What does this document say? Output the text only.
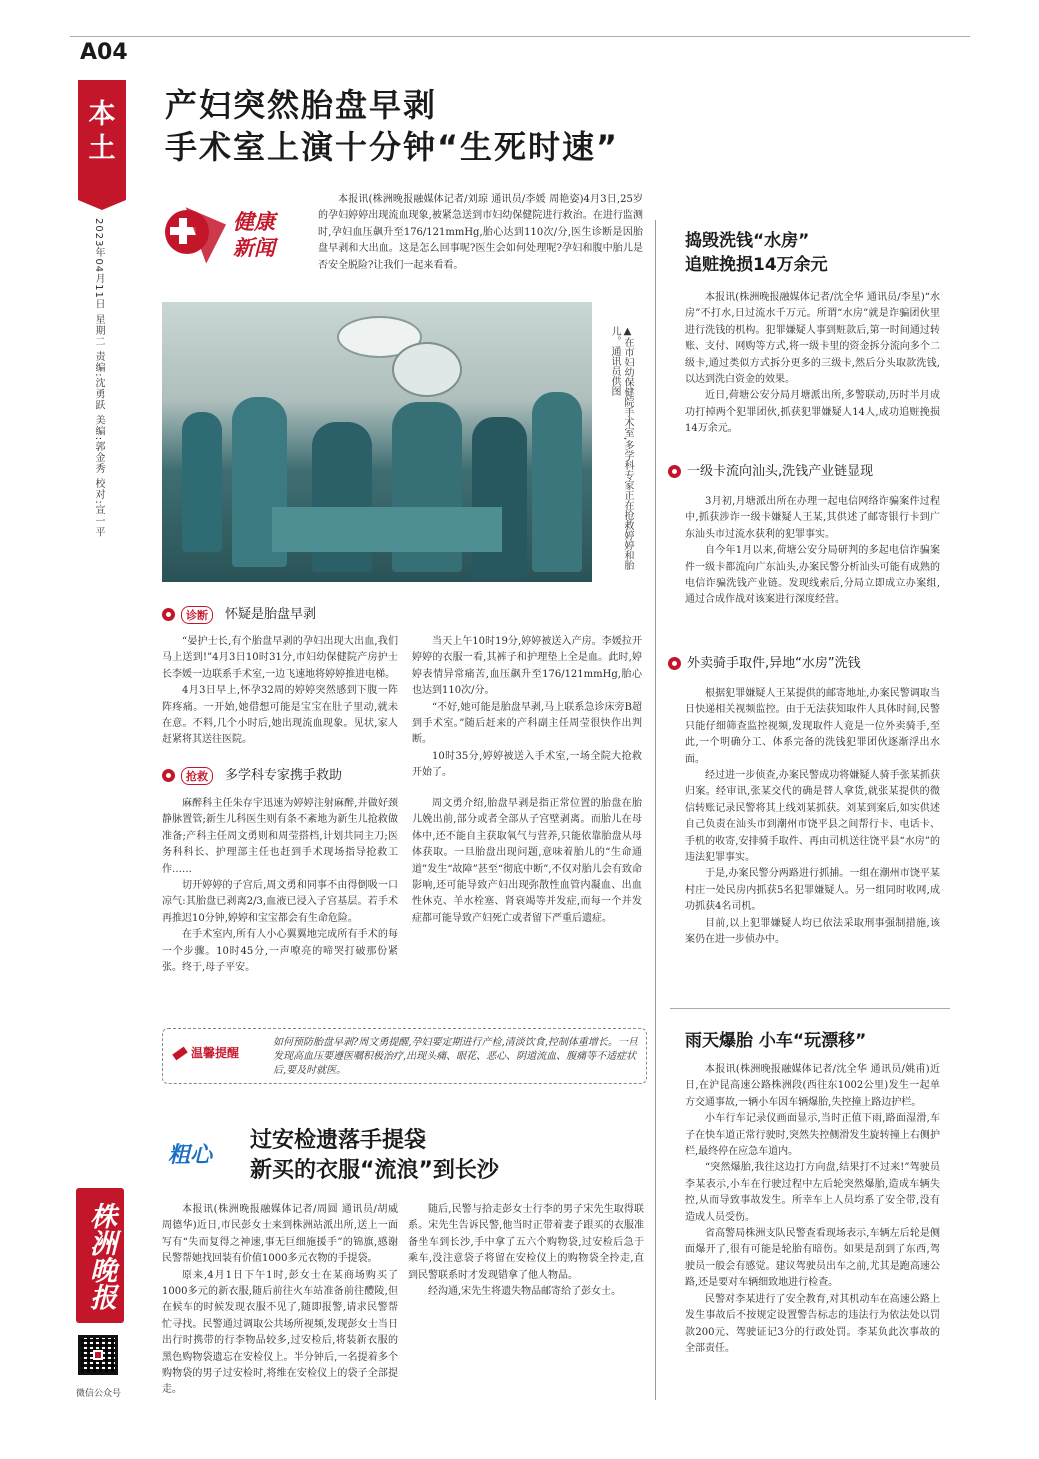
A04
本土
2023年04月11日 星期二 责编:沈勇跃 美编:郭金秀 校对:宣一平
株洲晚报
微信公众号
产妇突然胎盘早剥
手术室上演十分钟“生死时速”
健康
新闻

本报讯(株洲晚报融媒体记者/刘琼 通讯员/李媛 周艳姿)4月3日,25岁的孕妇婷婷出现流血现象,被紧急送到市妇幼保健院进行救治。在进行监测时,孕妇血压飙升至176/121mmHg,胎心达到110次/分,医生诊断是因胎盘早剥和大出血。这是怎么回事呢?医生会如何处理呢?孕妇和腹中胎儿是否安全脱险?让我们一起来看看。

▲在市妇幼保健院手术室,多学科专家正在抢救婷婷和胎儿。通讯员供图
诊断 怀疑是胎盘早剥

“晏护士长,有个胎盘早剥的孕妇出现大出血,我们马上送到!”4月3日10时31分,市妇幼保健院产房护士长李媛一边联系手术室,一边飞速地将婷婷推进电梯。

4月3日早上,怀孕32周的婷婷突然感到下腹一阵阵疼痛。一开始,她借想可能是宝宝在肚子里动,就未在意。不料,几个小时后,她出现流血现象。见状,家人赶紧将其送往医院。

当天上午10时19分,婷婷被送入产房。李媛拉开婷婷的衣服一看,其裤子和护理垫上全是血。此时,婷婷表情异常痛苦,血压飙升至176/121mmHg,胎心也达到110次/分。

“不好,她可能是胎盘早剥,马上联系急诊床旁B超到手术室。”随后赶来的产科副主任周莹很快作出判断。

10时35分,婷婷被送入手术室,一场全院大抢救开始了。

抢救 多学科专家携手救助

麻醉科主任朱存宇迅速为婷婷注射麻醉,并做好颈静脉置管;新生儿科医生则有条不紊地为新生儿抢救做准备;产科主任周文勇则和周莹搭档,计划共同主刀;医务科科长、护理部主任也赶到手术现场指导抢救工作……

切开婷婷的子宫后,周文勇和同事不由得倒吸一口凉气:其胎盘已剥离2/3,血液已浸入子宫基层。若手术再推迟10分钟,婷婷和宝宝都会有生命危险。

在手术室内,所有人小心翼翼地完成所有手术的每一个步骤。10时45分,一声嘹亮的啼哭打破那份紧张。终于,母子平安。

周文勇介绍,胎盘早剥是指正常位置的胎盘在胎儿娩出前,部分或者全部从子宫壁剥离。而胎儿在母体中,还不能自主获取氧气与营养,只能依靠胎盘从母体获取。一旦胎盘出现问题,意味着胎儿的“生命通道”发生“故障”甚至“彻底中断”,不仅对胎儿会有致命影响,还可能导致产妇出现弥散性血管内凝血、出血性休克、羊水栓塞、肾衰竭等并发症,而每一个并发症都可能导致产妇死亡或者留下严重后遗症。

温馨提醒
如何预防胎盘早剥?周文勇提醒,孕妇要定期进行产检,清淡饮食,控制体重增长。一旦发现高血压要遵医嘱积极治疗,出现头痛、眼花、恶心、阴道流血、腹痛等不适症状后,要及时就医。
粗心
过安检遗落手提袋
新买的衣服“流浪”到长沙

本报讯(株洲晚报融媒体记者/周圆 通讯员/胡威 周德华)近日,市民彭女士来到株洲站派出所,送上一面写有“失而复得之神速,事无巨细施援手”的锦旗,感谢民警帮她找回装有价值1000多元衣物的手提袋。

原来,4月1日下午1时,彭女士在某商场购买了1000多元的新衣服,随后前往火车站准备前往醴陵,但在候车的时候发现衣服不见了,随即报警,请求民警帮忙寻找。民警通过调取公共场所视频,发现彭女士当日出行时携带的行李物品较多,过安检后,将装新衣服的黑色购物袋遗忘在安检仪上。半分钟后,一名提着多个购物袋的男子过安检时,将维在安检仪上的袋子全部提走。

随后,民警与拾走彭女士行李的男子宋先生取得联系。宋先生告诉民警,他当时正带着妻子跟买的衣服准备坐车到长沙,手中拿了五六个购物袋,过安检后急于乘车,没注意袋子将留在安检仪上的购物袋全拎走,直到民警联系时才发现错拿了他人物品。

经沟通,宋先生将遗失物品邮寄给了彭女士。

捣毁洗钱“水房”
追赃挽损14万余元

本报讯(株洲晚报融媒体记者/沈全华 通讯员/李星)“水房”不打水,日过流水千万元。所谓“水房”就是诈骗团伙里进行洗钱的机构。犯罪嫌疑人事到赃款后,第一时间通过转账、支付、网购等方式,将一级卡里的资金拆分流向多个二级卡,通过类似方式拆分更多的三级卡,然后分头取款洗钱,以达到洗白资金的效果。

近日,荷塘公安分局月塘派出所,多警联动,历时半月成功打掉两个犯罪团伙,抓获犯罪嫌疑人14人,成功追赃挽损14万余元。

一级卡流向汕头,洗钱产业链显现

3月初,月塘派出所在办理一起电信网络诈骗案件过程中,抓获涉诈一级卡嫌疑人王某,其供述了邮寄银行卡到广东汕头市过流水获利的犯罪事实。

自今年1月以来,荷塘公安分局研判的多起电信诈骗案件一级卡都流向广东汕头,办案民警分析汕头可能有成熟的电信诈骗洗钱产业链。发现线索后,分局立即成立办案组,通过合成作战对该案进行深度经营。

外卖骑手取件,异地“水房”洗钱

根据犯罪嫌疑人王某提供的邮寄地址,办案民警调取当日快递相关视频监控。由于无法获知取件人具体时间,民警只能仔细筛查监控视频,发现取件人竟是一位外卖骑手,至此,一个明确分工、体系完备的洗钱犯罪团伙逐渐浮出水面。

经过进一步侦查,办案民警成功将嫌疑人骑手张某抓获归案。经审讯,张某交代的确是替人拿货,就张某提供的微信转账记录民警将其上线刘某抓获。刘某到案后,如实供述自己负责在汕头市到潮州市饶平县之间帮行卡、电话卡、手机的收寄,安排骑手取件、再由司机送往饶平县“水房”的违法犯罪事实。

于是,办案民警分两路进行抓捕。一组在潮州市饶平某村庄一处民房内抓获5名犯罪嫌疑人。另一组同时收网,成功抓获4名司机。

目前,以上犯罪嫌疑人均已依法采取刑事强制措施,该案仍在进一步侦办中。

雨天爆胎 小车“玩漂移”

本报讯(株洲晚报融媒体记者/沈全华 通讯员/姚甫)近日,在沪昆高速公路株洲段(西往东1002公里)发生一起单方交通事故,一辆小车因车辆爆胎,失控撞上路边护栏。

小车行车记录仪画面显示,当时正值下雨,路面湿滑,车子在快车道正常行驶时,突然失控侧滑发生旋转撞上右侧护栏,最终停在应急车道内。

“突然爆胎,我往这边打方向盘,结果打不过来!”驾驶员李某表示,小车在行驶过程中左后轮突然爆胎,造成车辆失控,从而导致事故发生。所幸车上人员均系了安全带,没有造成人员受伤。

省高警局株洲支队民警查看现场表示,车辆左后轮是侧面爆开了,很有可能是轮胎有暗伤。如果是刮到了东西,驾驶员一般会有感觉。建议驾驶员出车之前,尤其是跑高速公路,还是要对车辆细致地进行检查。

民警对李某进行了安全教育,对其机动车在高速公路上发生事故后不按规定设置警告标志的违法行为依法处以罚款200元、驾驶证记3分的行政处罚。李某负此次事故的全部责任。
